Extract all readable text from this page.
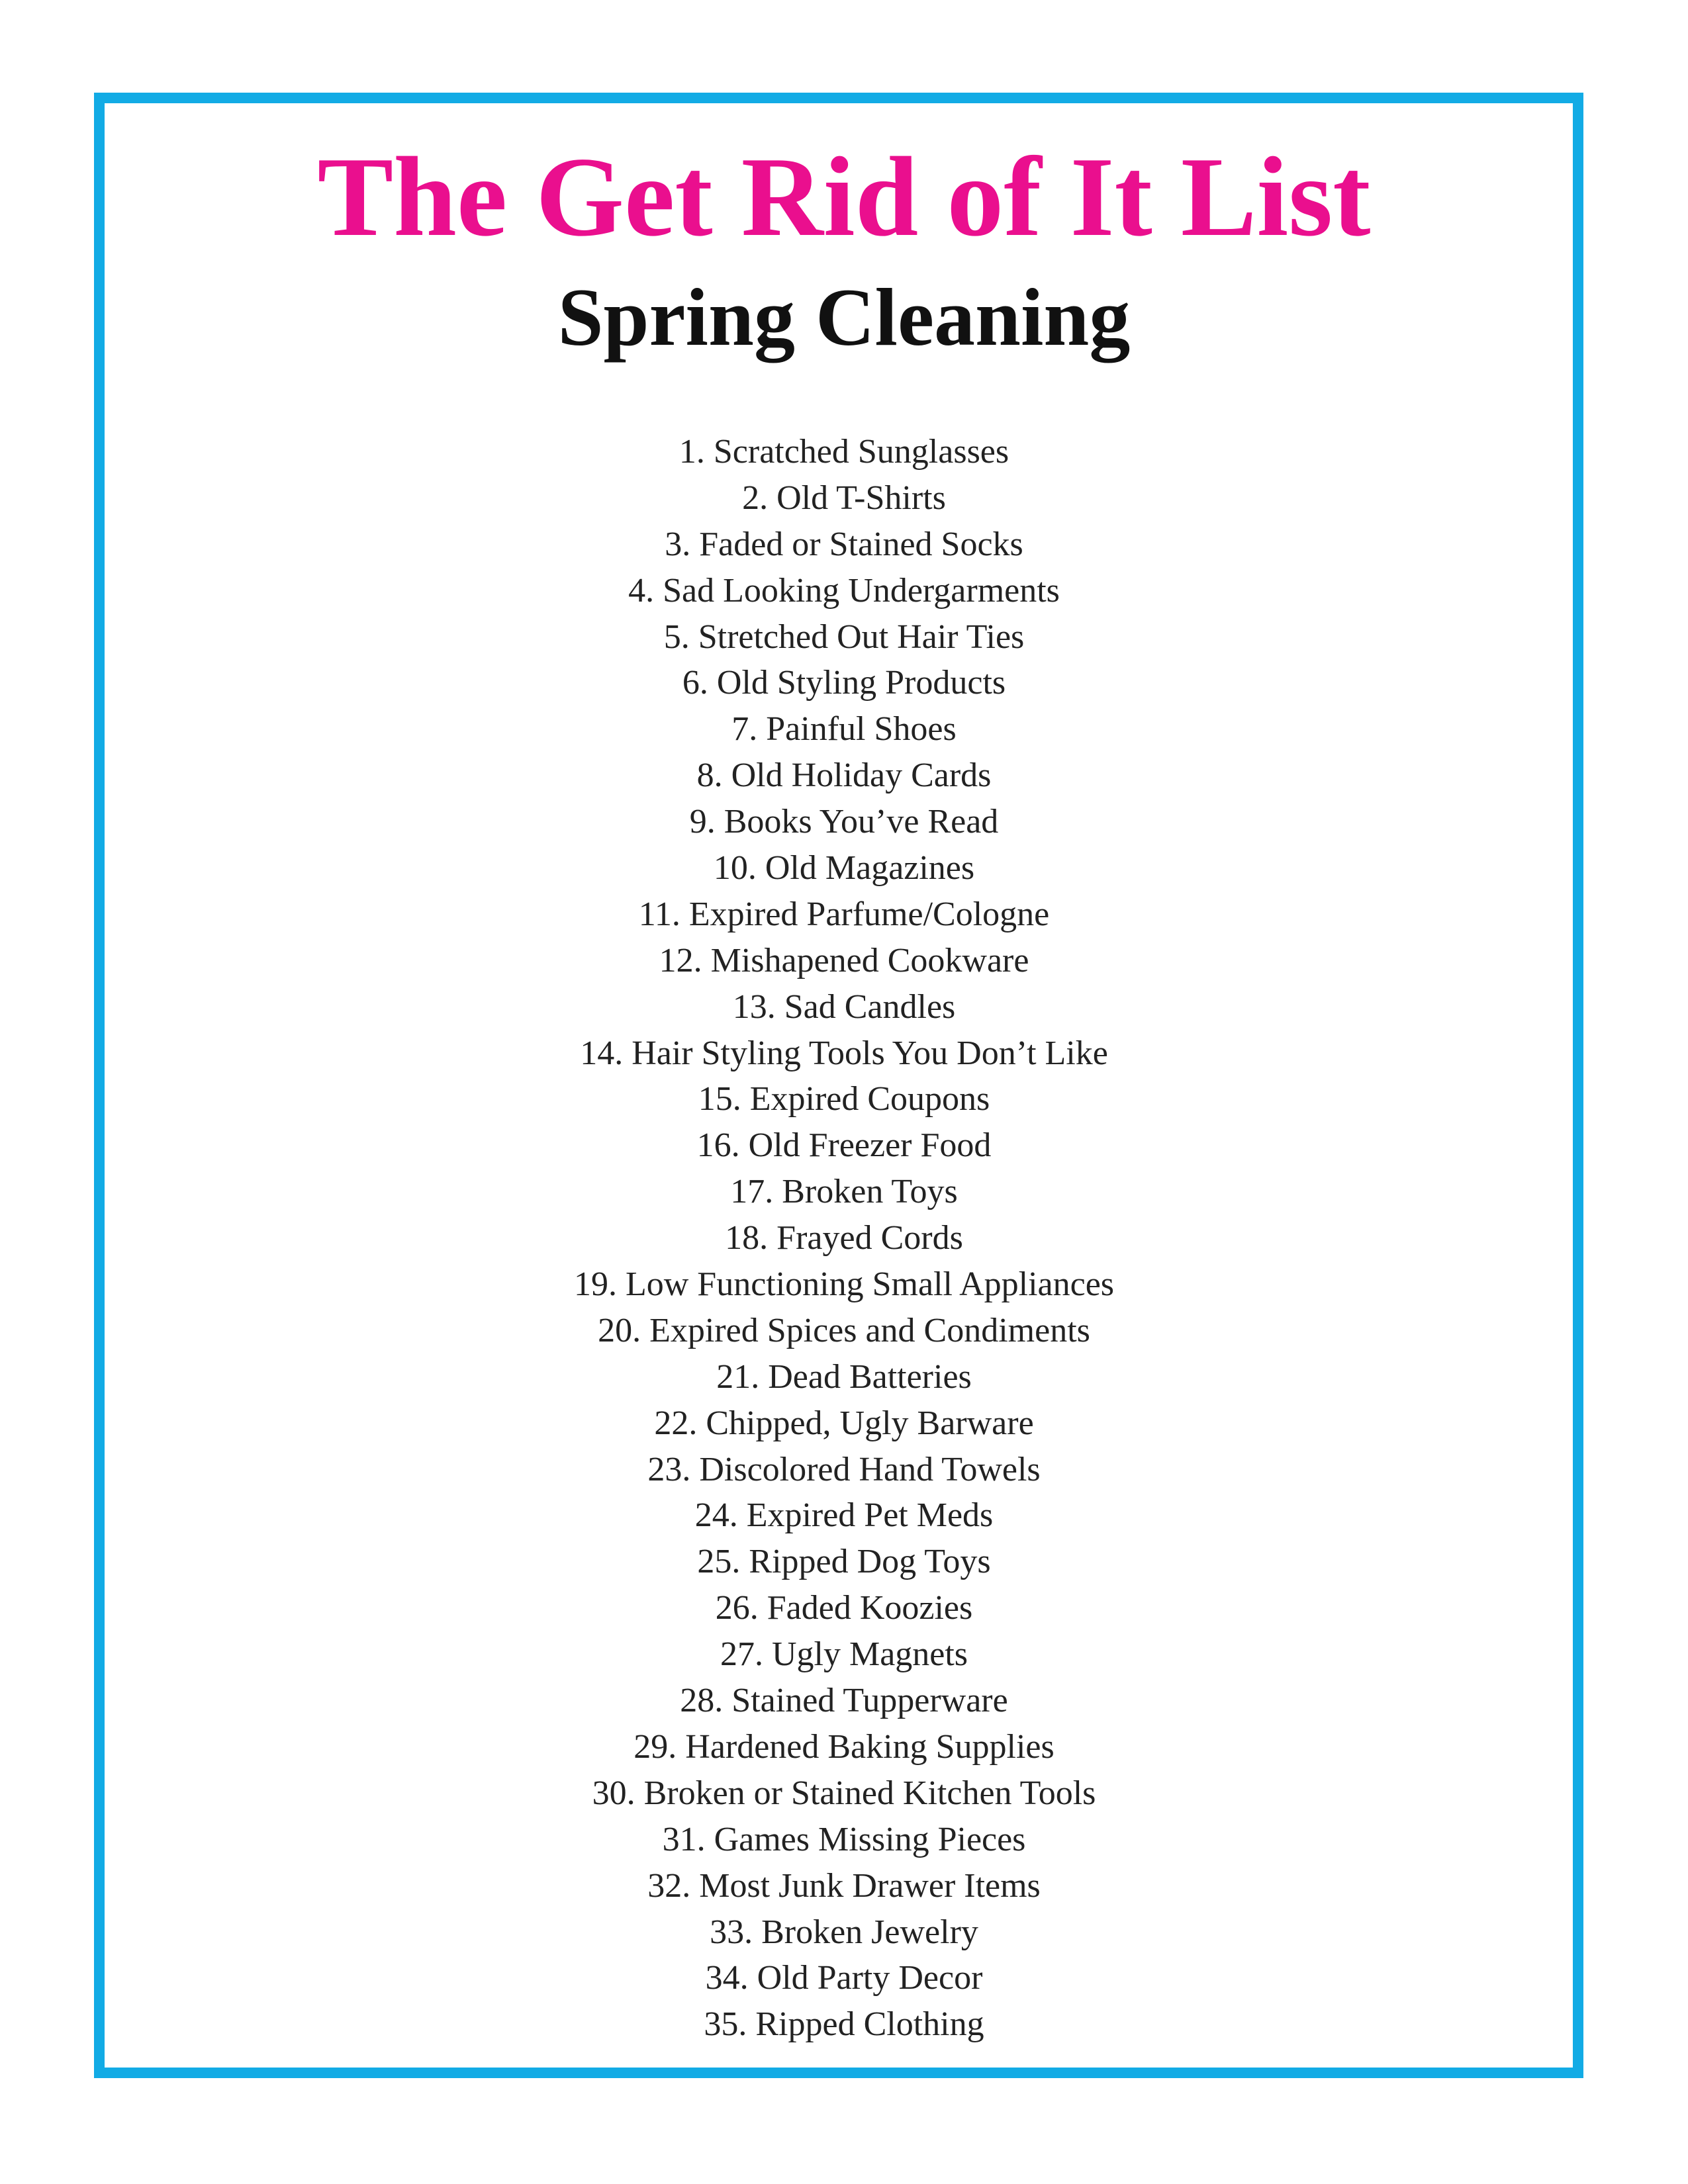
The Get Rid of It List
Spring Cleaning
1. Scratched Sunglasses
2. Old T-Shirts
3. Faded or Stained Socks
4. Sad Looking Undergarments
5. Stretched Out Hair Ties
6. Old Styling Products
7. Painful Shoes
8. Old Holiday Cards
9. Books You’ve Read
10. Old Magazines
11. Expired Parfume/Cologne
12. Mishapened Cookware
13. Sad Candles
14. Hair Styling Tools You Don’t Like
15. Expired Coupons
16. Old Freezer Food
17. Broken Toys
18. Frayed Cords
19. Low Functioning Small Appliances
20. Expired Spices and Condiments
21. Dead Batteries
22. Chipped, Ugly Barware
23. Discolored Hand Towels
24. Expired Pet Meds
25. Ripped Dog Toys
26. Faded Koozies
27. Ugly Magnets
28. Stained Tupperware
29. Hardened Baking Supplies
30. Broken or Stained Kitchen Tools
31. Games Missing Pieces
32. Most Junk Drawer Items
33. Broken Jewelry
34. Old Party Decor
35. Ripped Clothing
